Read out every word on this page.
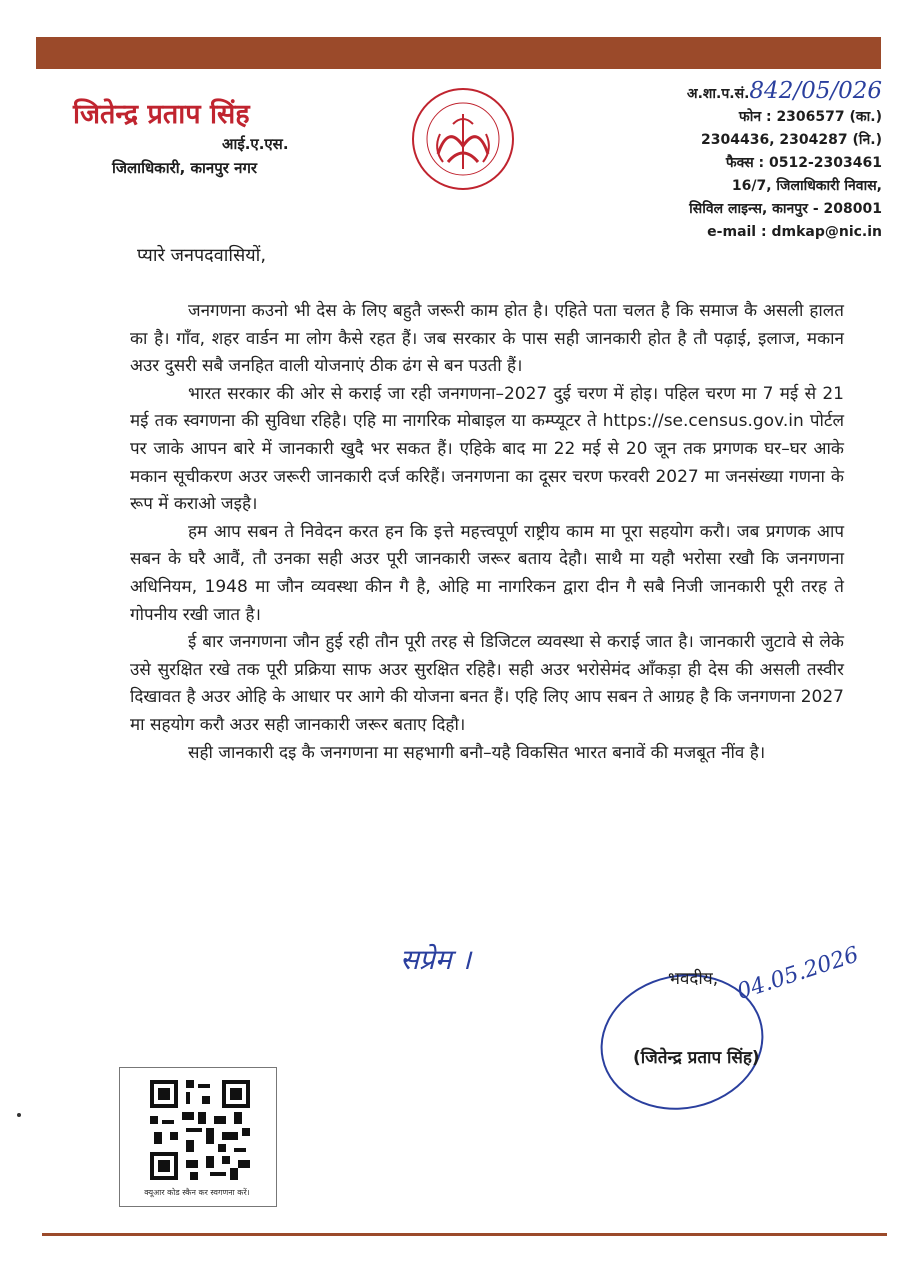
जितेन्द्र प्रताप सिंह
आई.ए.एस.
जिलाधिकारी, कानपुर नगर
अ.शा.प.सं.842/05/026
फोन : 2306577 (का.)
2304436, 2304287 (नि.)
फैक्स : 0512-2303461
16/7, जिलाधिकारी निवास,
सिविल लाइन्स, कानपुर - 208001
e-mail : dmkap@nic.in
प्यारे जनपदवासियों,

जनगणना कउनो भी देस के लिए बहुतै जरूरी काम होत है। एहिते पता चलत है कि समाज कै असली हालत का है। गाँव, शहर वार्डन मा लोग कैसे रहत हैं। जब सरकार के पास सही जानकारी होत है तौ पढ़ाई, इलाज, मकान अउर दुसरी सबै जनहित वाली योजनाएं ठीक ढंग से बन पउती हैं।

भारत सरकार की ओर से कराई जा रही जनगणना–2027 दुई चरण में होइ। पहिल चरण मा 7 मई से 21 मई तक स्वगणना की सुविधा रहिहै। एहि मा नागरिक मोबाइल या कम्प्यूटर ते https://se.census.gov.in पोर्टल पर जाके आपन बारे में जानकारी खुदै भर सकत हैं। एहिके बाद मा 22 मई से 20 जून तक प्रगणक घर–घर आके मकान सूचीकरण अउर जरूरी जानकारी दर्ज करिहैं। जनगणना का दूसर चरण फरवरी 2027 मा जनसंख्या गणना के रूप में कराओ जइहै।

हम आप सबन ते निवेदन करत हन कि इत्ते महत्त्वपूर्ण राष्ट्रीय काम मा पूरा सहयोग करौ। जब प्रगणक आप सबन के घरै आवैं, तौ उनका सही अउर पूरी जानकारी जरूर बताय देहौ। साथै मा यहौ भरोसा रखौ कि जनगणना अधिनियम, 1948 मा जौन व्यवस्था कीन गै है, ओहि मा नागरिकन द्वारा दीन गै सबै निजी जानकारी पूरी तरह ते गोपनीय रखी जात है।

ई बार जनगणना जौन हुई रही तौन पूरी तरह से डिजिटल व्यवस्था से कराई जात है। जानकारी जुटावे से लेके उसे सुरक्षित रखे तक पूरी प्रक्रिया साफ अउर सुरक्षित रहिहै। सही अउर भरोसेमंद आँकड़ा ही देस की असली तस्वीर दिखावत है अउर ओहि के आधार पर आगे की योजना बनत हैं। एहि लिए आप सबन ते आग्रह है कि जनगणना 2027 मा सहयोग करौ अउर सही जानकारी जरूर बताए दिहौ।

सही जानकारी दइ कै जनगणना मा सहभागी बनौ–यहै विकसित भारत बनावें की मजबूत नींव है।

सप्रेम ।
भवदीय, 04.05.2026
(जितेन्द्र प्रताप सिंह)
क्यूआर कोड स्कैन कर स्वगणना करें।
